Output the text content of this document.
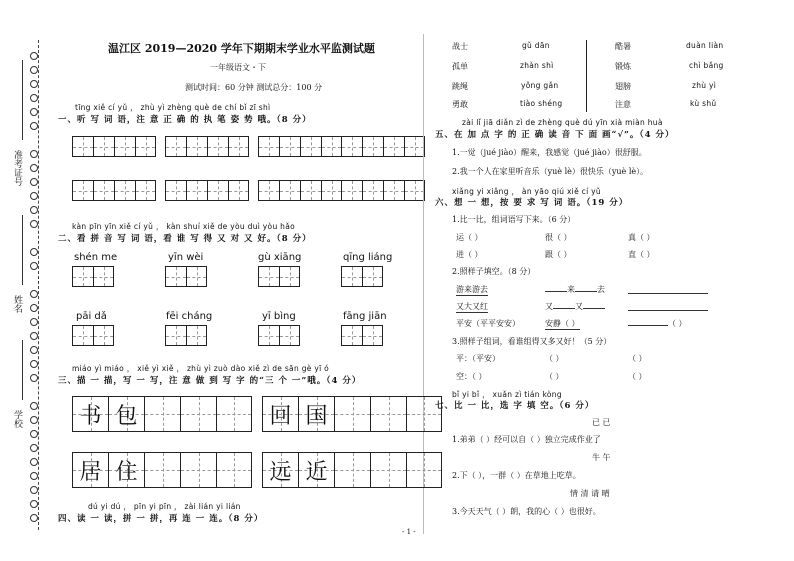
学校
姓名
准考证号
温江区 2019—2020 学年下期期末学业水平监测试题
一年级语文・下
测试时间：60 分钟 测试总分：100 分
tīng xiě cí yǔ ， zhù yì zhèng què de chí bǐ zī shì
一、听 写 词 语，注 意 正 确 的 执 笔 姿 势 哦。（8 分）
kàn pīn yīn xiě cí yǔ ， kàn shuí xiě de yòu duì yòu hǎo
二、看 拼 音 写 词 语，看 谁 写 得 又 对 又 好。（8 分）
shén me	yīn wèi	gù xiāng	qīng liáng
pāi dǎ	fēi cháng	yī bìng	fāng jiān
miáo yì miáo ， xiě yì xiě ， zhù yì zuò dào xiě zì de sān gè yī ó
三、描 一 描，写 一 写，注 意 做 到 写 字 的“三 个 一”哦。（4 分）
书 包	回 国
居 住	远 近
dú yi dú ， pīn yi pīn ， zài lián yi lián
四、读 一 读，拼 一 拼，再 连 一 连。（8 分）
战士	gǔ dān
孤单	zhàn shì
跳绳	yǒng gǎn
勇敢	tiào shéng
酷暑	duàn liàn
锻炼	chì bǎng
翅膀	zhù yì
注意	kù shǔ
zài lǐ jiā diǎn zì de zhèng què dú yīn xià miàn huà
五、在 加 点 字 的 正 确 读 音 下 面 画“√”。（4 分）
1.一觉（jué jiào）醒来，我感觉（jué jiào）很舒服。
2.我一个人在家里听音乐（yuè lè）很快乐（yuè lè）。
xiǎng yi xiǎng ， àn yāo qiú xiě cí yǔ
六、想 一 想，按 要 求 写 词 语。（19 分）
1.比一比，组词语写下来。（6 分）
运（ ）	很（ ）	真（ ）
进（ ）	跟（ ）	直（ ）
2.照样子填空。（8 分）
游来游去	来	去
又大又红	又	又
平安（平平安安）	安静（ ）	（ ）
3.照样子组词，看谁组得又多又好！（5 分）
平：（平安）	（ ）	（ ）
空：（ ）	（ ）	（ ）
bǐ yi bǐ ， xuǎn zì tián kòng
七、比 一 比，选 字 填 空。（6 分）
已 已
1.弟弟（ ）经可以自（ ）独立完成作业了
牛 午
2.下（ ），一群（ ）在草地上吃草。
情 清 请 晴
3.今天天气（ ）朗，我的心（ ）也很好。
- 1 -
